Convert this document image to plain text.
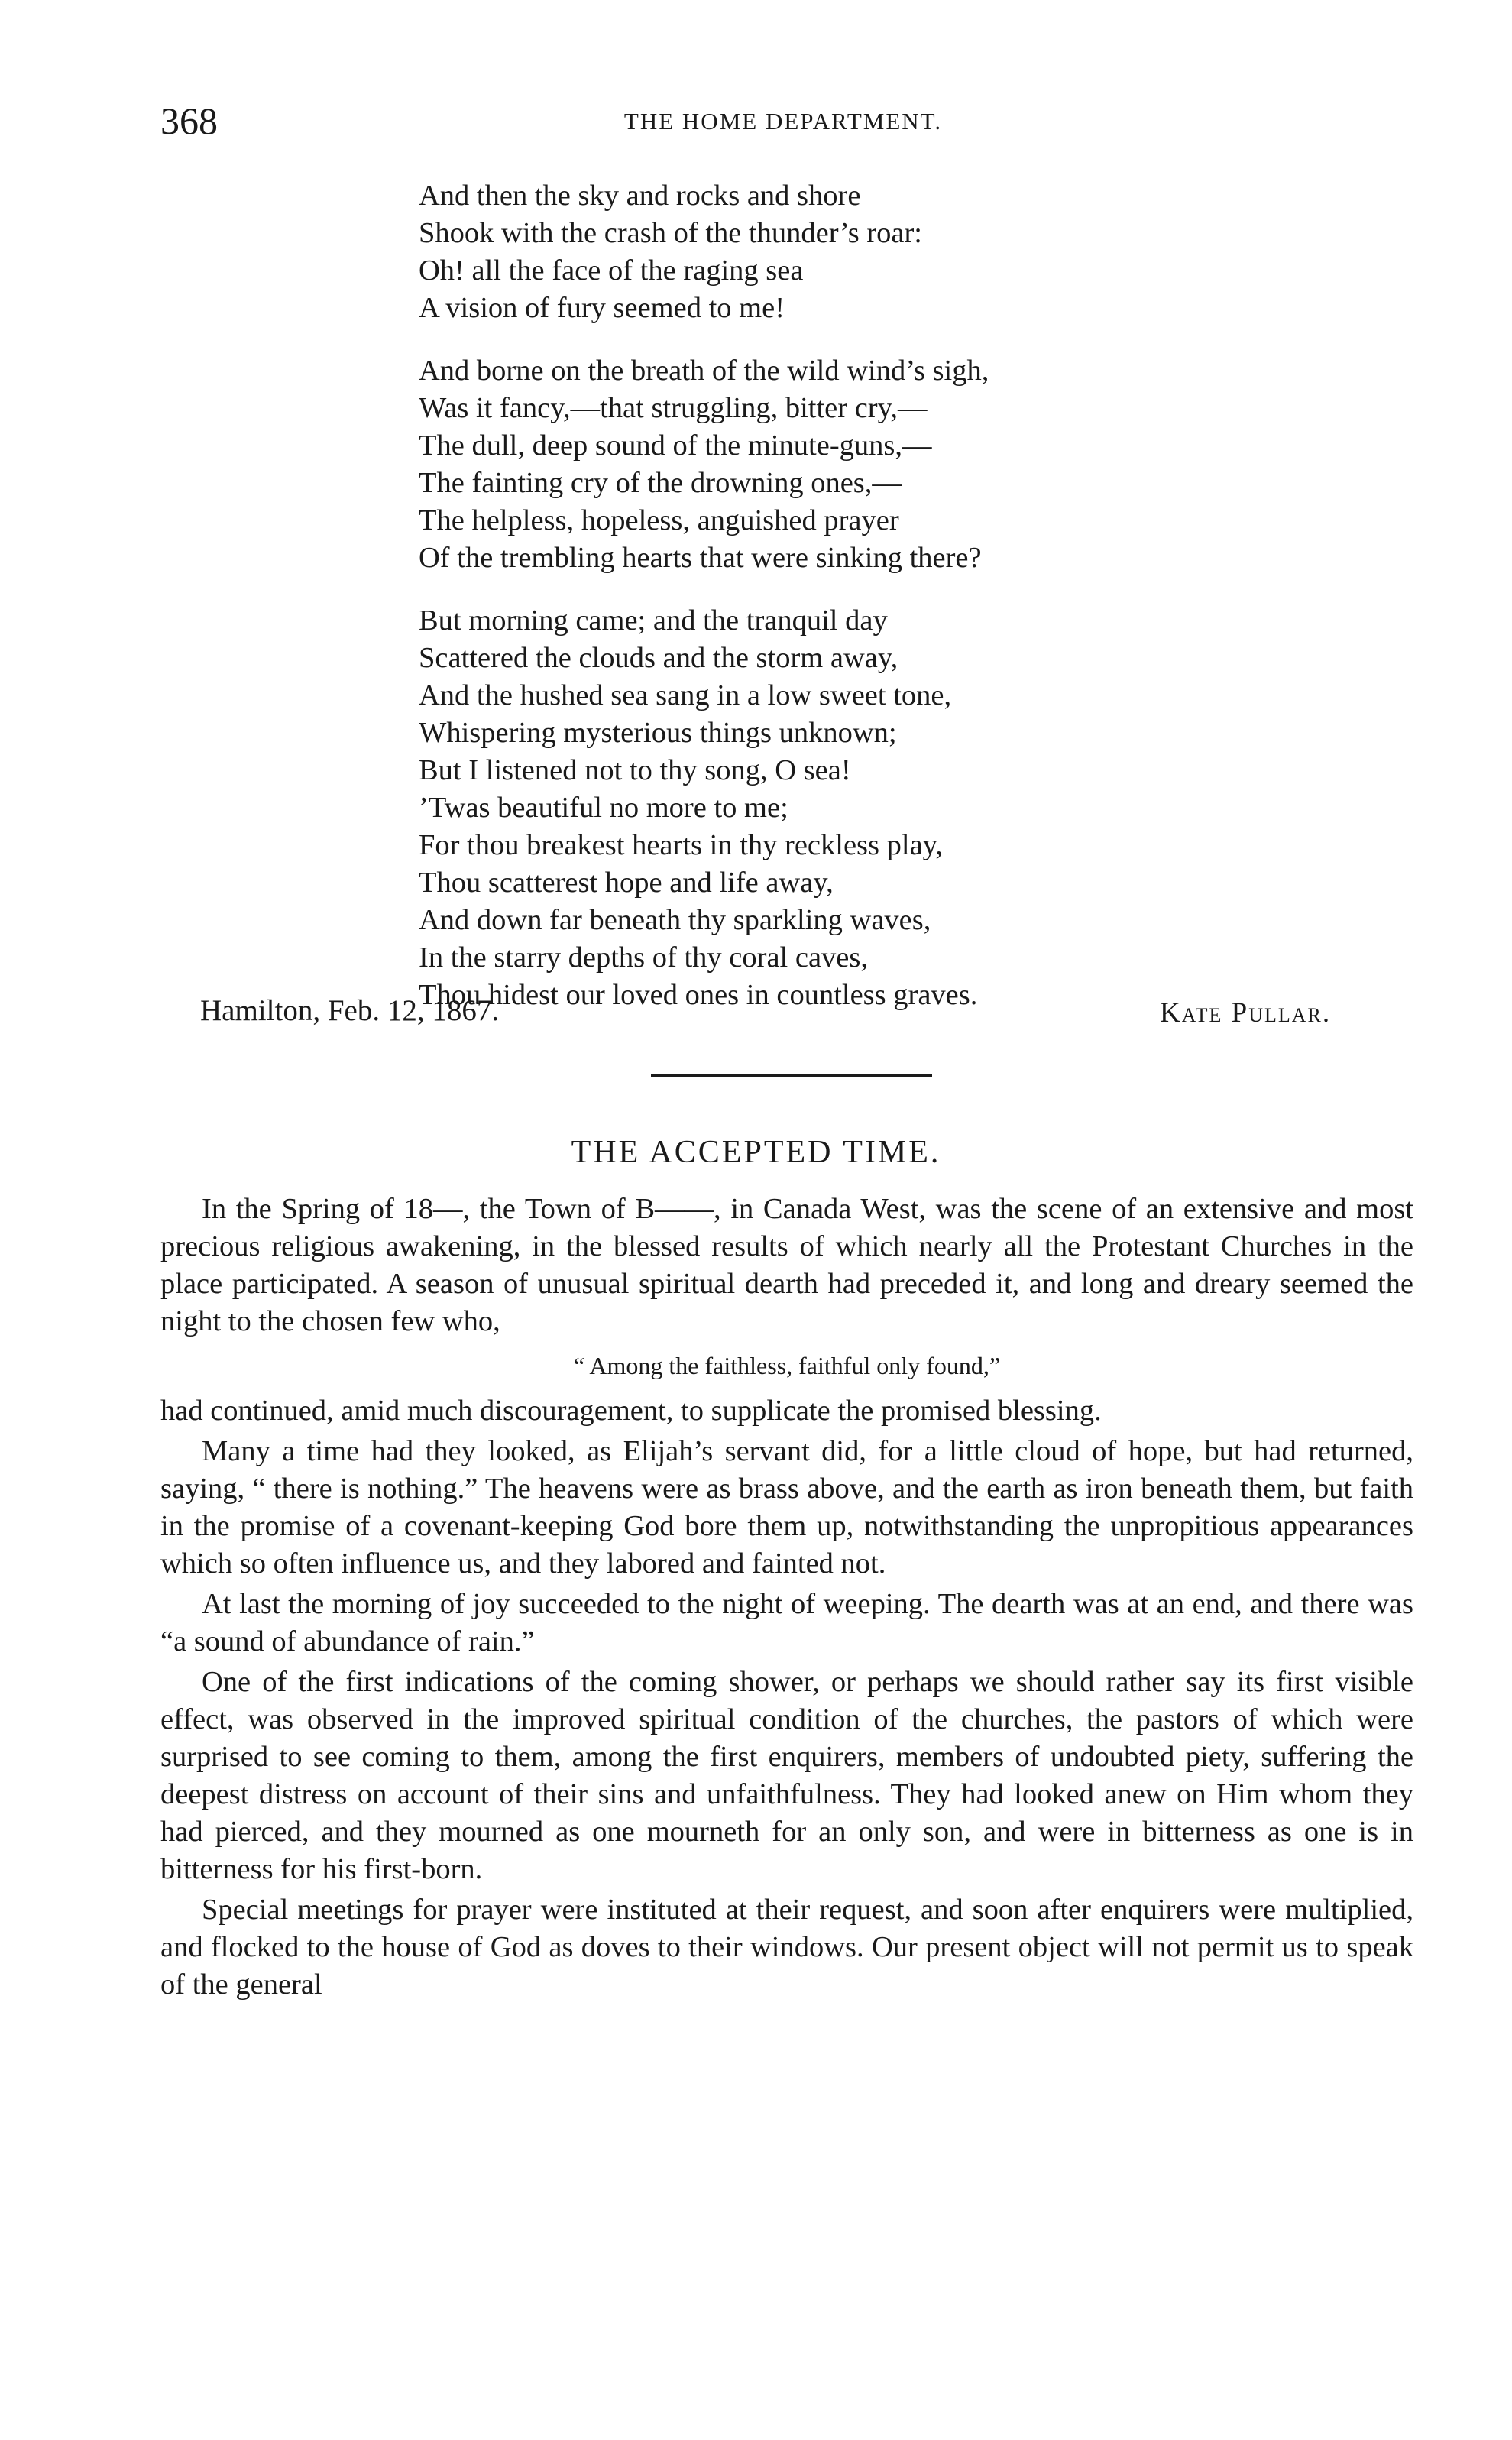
368	THE HOME DEPARTMENT.
And then the sky and rocks and shore
Shook with the crash of the thunder’s roar:
Oh! all the face of the raging sea
A vision of fury seemed to me!
And borne on the breath of the wild wind’s sigh,
Was it fancy,—that struggling, bitter cry,—
The dull, deep sound of the minute-guns,—
The fainting cry of the drowning ones,—
The helpless, hopeless, anguished prayer
Of the trembling hearts that were sinking there?
But morning came; and the tranquil day
Scattered the clouds and the storm away,
And the hushed sea sang in a low sweet tone,
Whispering mysterious things unknown;
But I listened not to thy song, O sea!
’Twas beautiful no more to me;
For thou breakest hearts in thy reckless play,
Thou scatterest hope and life away,
And down far beneath thy sparkling waves,
In the starry depths of thy coral caves,
Thou hidest our loved ones in countless graves.
Hamilton, Feb. 12, 1867.	Kate Pullar.
THE ACCEPTED TIME.

In the Spring of 18—, the Town of B——, in Canada West, was the scene of an extensive and most precious religious awakening, in the blessed results of which nearly all the Protestant Churches in the place participated. A season of unusual spiritual dearth had preceded it, and long and dreary seemed the night to the chosen few who,

“ Among the faithless, faithful only found,”

had continued, amid much discouragement, to supplicate the promised blessing.

Many a time had they looked, as Elijah’s servant did, for a little cloud of hope, but had returned, saying, “ there is nothing.” The heavens were as brass above, and the earth as iron beneath them, but faith in the promise of a covenant-keeping God bore them up, notwithstanding the unpropitious appearances which so often influence us, and they labored and fainted not.

At last the morning of joy succeeded to the night of weeping. The dearth was at an end, and there was “a sound of abundance of rain.”

One of the first indications of the coming shower, or perhaps we should rather say its first visible effect, was observed in the improved spiritual condition of the churches, the pastors of which were surprised to see coming to them, among the first enquirers, members of undoubted piety, suffering the deepest distress on account of their sins and unfaithfulness. They had looked anew on Him whom they had pierced, and they mourned as one mourneth for an only son, and were in bitterness as one is in bitterness for his first-born.

Special meetings for prayer were instituted at their request, and soon after enquirers were multiplied, and flocked to the house of God as doves to their windows. Our present object will not permit us to speak of the general
